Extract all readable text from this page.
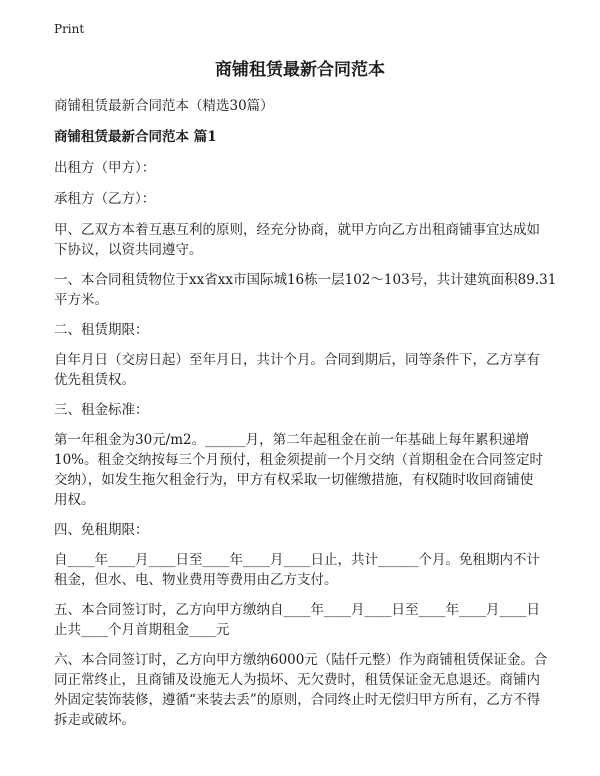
Print
商铺租赁最新合同范本
商铺租赁最新合同范本（精选30篇）
商铺租赁最新合同范本 篇1
出租方（甲方）：
承租方（乙方）：
甲、乙双方本着互惠互利的原则，经充分协商，就甲方向乙方出租商铺事宜达成如
下协议，以资共同遵守。
一、本合同租赁物位于xx省xx市国际城16栋一层102～103号，共计建筑面积89.31
平方米。
二、租赁期限：
自年月日（交房日起）至年月日，共计个月。合同到期后，同等条件下，乙方享有
优先租赁权。
三、租金标准：
第一年租金为30元/m2。______月，第二年起租金在前一年基础上每年累积递增
10%。租金交纳按每三个月预付，租金须提前一个月交纳（首期租金在合同签定时
交纳），如发生拖欠租金行为，甲方有权采取一切催缴措施，有权随时收回商铺使
用权。
四、免租期限：
自____年____月____日至____年____月____日止，共计______个月。免租期内不计
租金，但水、电、物业费用等费用由乙方支付。
五、本合同签订时，乙方向甲方缴纳自____年____月____日至____年____月____日
止共____个月首期租金____元
六、本合同签订时，乙方向甲方缴纳6000元（陆仟元整）作为商铺租赁保证金。合
同正常终止，且商铺及设施无人为损坏、无欠费时，租赁保证金无息退还。商铺内
外固定装饰装修，遵循“来装去丢”的原则，合同终止时无偿归甲方所有，乙方不得
拆走或破坏。
